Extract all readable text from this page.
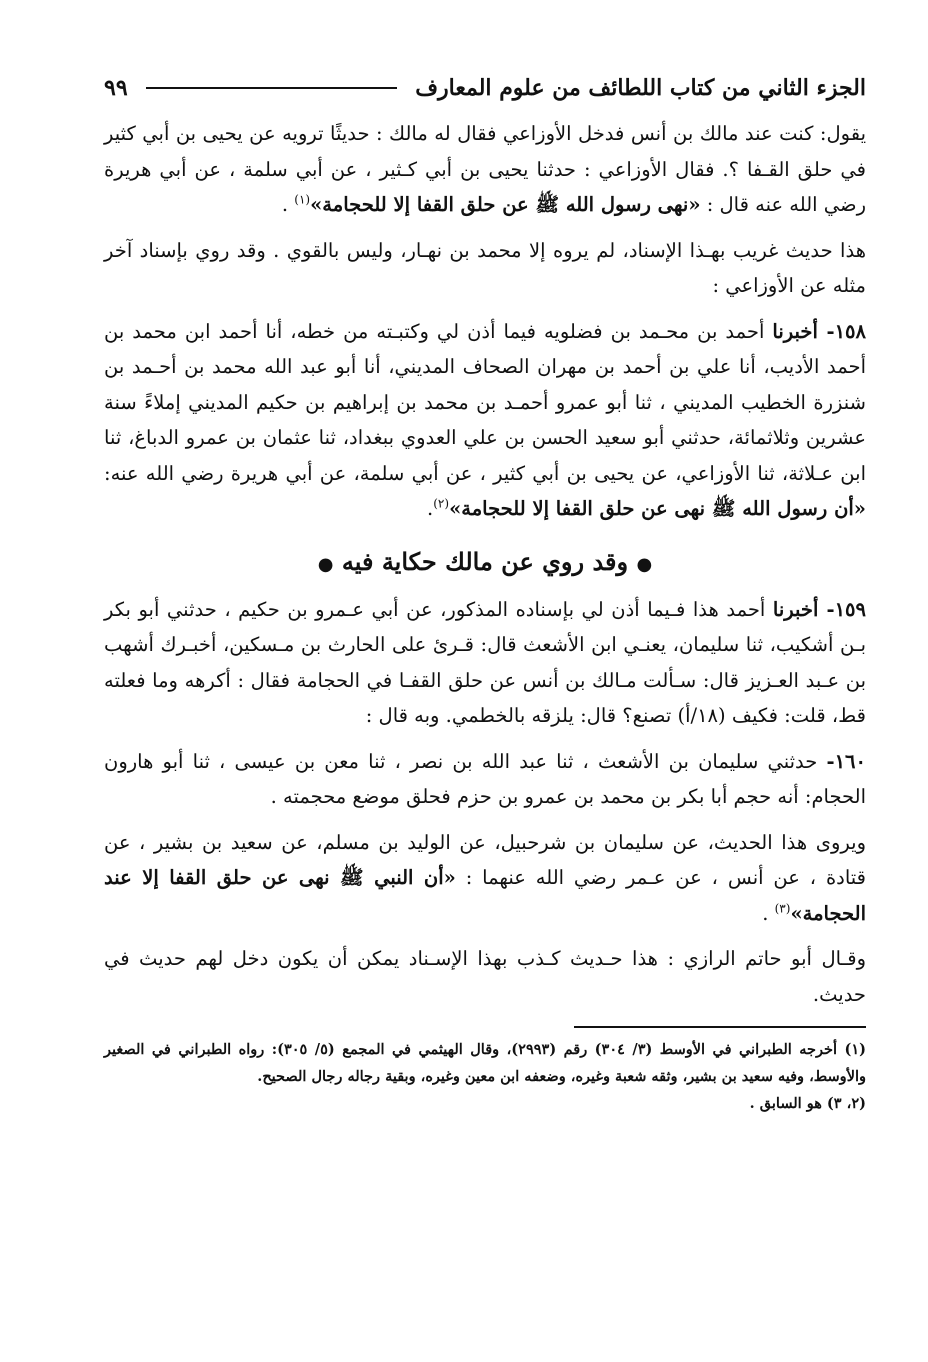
الجزء الثاني من كتاب اللطائف من علوم المعارف
٩٩

يقول: كنت عند مالك بن أنس فدخل الأوزاعي فقال له مالك : حديثًا ترويه عن يحيى بن أبي كثير في حلق القـفا ؟. فقال الأوزاعي : حدثنا يحيى بن أبي كـثير ، عن أبي سلمة ، عن أبي هريرة رضي الله عنه قال : «نهى رسول الله ﷺ عن حلق القفا إلا للحجامة»$^{(١)}$ .

هذا حديث غريب بهـذا الإسناد، لم يروه إلا محمد بن نهـار، وليس بالقوي . وقد روي بإسناد آخر مثله عن الأوزاعي :

١٥٨- أخبرنا أحمد بن محـمد بن فضلويه فيما أذن لي وكتبـته من خطه، أنا أحمد ابن محمد بن أحمد الأديب، أنا علي بن أحمد بن مهران الصحاف المديني، أنا أبو عبد الله محمد بن أحـمد بن شنزرة الخطيب المديني ، ثنا أبو عمرو أحمـد بن محمد بن إبراهيم بن حكيم المديني إملاءً سنة عشرين وثلاثمائة، حدثني أبو سعيد الحسن بن علي العدوي ببغداد، ثنا عثمان بن عمرو الدباغ، ثنا ابن عـلاثة، ثنا الأوزاعي، عن يحيى بن أبي كثير ، عن أبي سلمة، عن أبي هريرة رضي الله عنه: «أن رسول الله ﷺ نهى عن حلق القفا إلا للحجامة»$^{(٢)}$.

● وقد روي عن مالك حكاية فيه ●

١٥٩- أخبرنا أحمد هذا فـيما أذن لي بإسناده المذكور، عن أبي عـمرو بن حكيم ، حدثني أبو بكر بـن أشكيب، ثنا سليمان، يعنـي ابن الأشعث قال: قـرئ على الحارث بن مـسكين، أخبـرك أشهب بن عـبد العـزيز قال: سـألت مـالك بن أنس عن حلق القفـا في الحجامة فقال : أكرهه وما فعلته قط، قلت: فكيف (١٨/أ) تصنع؟ قال: يلزقه بالخطمي. وبه قال :

١٦٠- حدثني سليمان بن الأشعث ، ثنا عبد الله بن نصر ، ثنا معن بن عيسى ، ثنا أبو هارون الحجام: أنه حجم أبا بكر بن محمد بن عمرو بن حزم فحلق موضع محجمته .

ويروى هذا الحديث، عن سليمان بن شرحبيل، عن الوليد بن مسلم، عن سعيد بن بشير ، عن قتادة ، عن أنس ، عن عـمر رضي الله عنهما : «أن النبي ﷺ نهى عن حلق القفا إلا عند الحجامة»$^{(٣)}$ .

وقـال أبو حاتم الرازي : هذا حـديث كـذب بهذا الإسـناد يمكن أن يكون دخل لهم حديث في حديث.

(١) أخرجه الطبراني في الأوسط (٣/ ٣٠٤) رقم (٢٩٩٣)، وقال الهيثمي في المجمع (٥/ ٣٠٥): رواه الطبراني في الصغير والأوسط، وفيه سعيد بن بشير، وثقه شعبة وغيره، وضعفه ابن معين وغيره، وبقية رجاله رجال الصحيح.

(٢، ٣) هو السابق .
